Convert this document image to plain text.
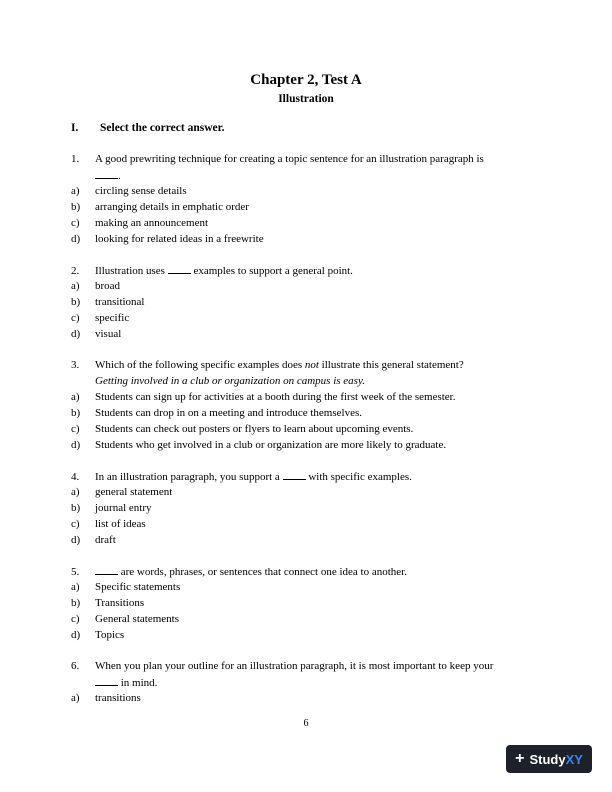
Chapter 2, Test A
Illustration
I. Select the correct answer.
1. A good prewriting technique for creating a topic sentence for an illustration paragraph is
.
a) circling sense details
b) arranging details in emphatic order
c) making an announcement
d) looking for related ideas in a freewrite
2. Illustration uses	examples to support a general point.
a) broad
b) transitional
c) specific
d) visual
3. Which of the following specific examples does not illustrate this general statement?
Getting involved in a club or organization on campus is easy.
a) Students can sign up for activities at a booth during the first week of the semester.
b) Students can drop in on a meeting and introduce themselves.
c) Students can check out posters or flyers to learn about upcoming events.
d) Students who get involved in a club or organization are more likely to graduate.
4. In an illustration paragraph, you support a	with specific examples.
a) general statement
b) journal entry
c) list of ideas
d) draft
5.	are words, phrases, or sentences that connect one idea to another.
a) Specific statements
b) Transitions
c) General statements
d) Topics
6. When you plan your outline for an illustration paragraph, it is most important to keep your
in mind.
a) transitions
6
+ StudyXY
